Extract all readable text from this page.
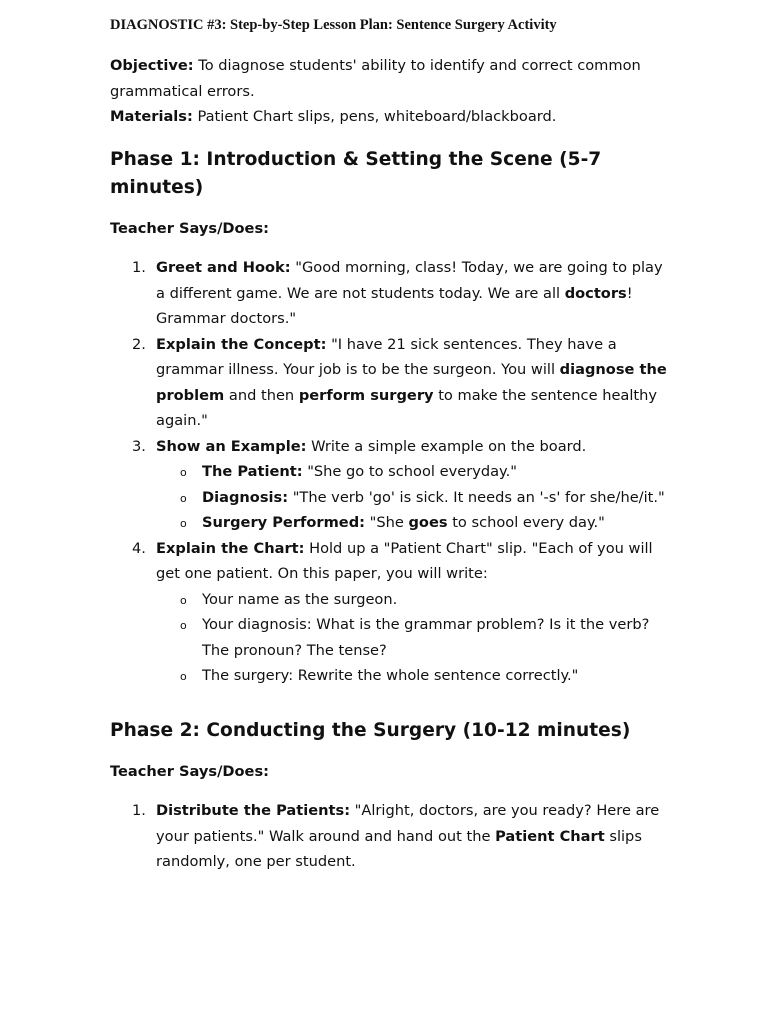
DIAGNOSTIC #3: Step-by-Step Lesson Plan: Sentence Surgery Activity

Objective: To diagnose students' ability to identify and correct common grammatical errors.

Materials: Patient Chart slips, pens, whiteboard/blackboard.

Phase 1: Introduction & Setting the Scene (5-7 minutes)

Teacher Says/Does:

1. Greet and Hook: "Good morning, class! Today, we are going to play a different game. We are not students today. We are all doctors! Grammar doctors."
2. Explain the Concept: "I have 21 sick sentences. They have a grammar illness. Your job is to be the surgeon. You will diagnose the problem and then perform surgery to make the sentence healthy again."
3. Show an Example: Write a simple example on the board.
o The Patient: "She go to school everyday."
o Diagnosis: "The verb 'go' is sick. It needs an '-s' for she/he/it."
o Surgery Performed: "She goes to school every day."
4. Explain the Chart: Hold up a "Patient Chart" slip. "Each of you will get one patient. On this paper, you will write:
o Your name as the surgeon.
o Your diagnosis: What is the grammar problem? Is it the verb? The pronoun? The tense?
o The surgery: Rewrite the whole sentence correctly."
Phase 2: Conducting the Surgery (10-12 minutes)

Teacher Says/Does:

1. Distribute the Patients: "Alright, doctors, are you ready? Here are your patients." Walk around and hand out the Patient Chart slips randomly, one per student.
